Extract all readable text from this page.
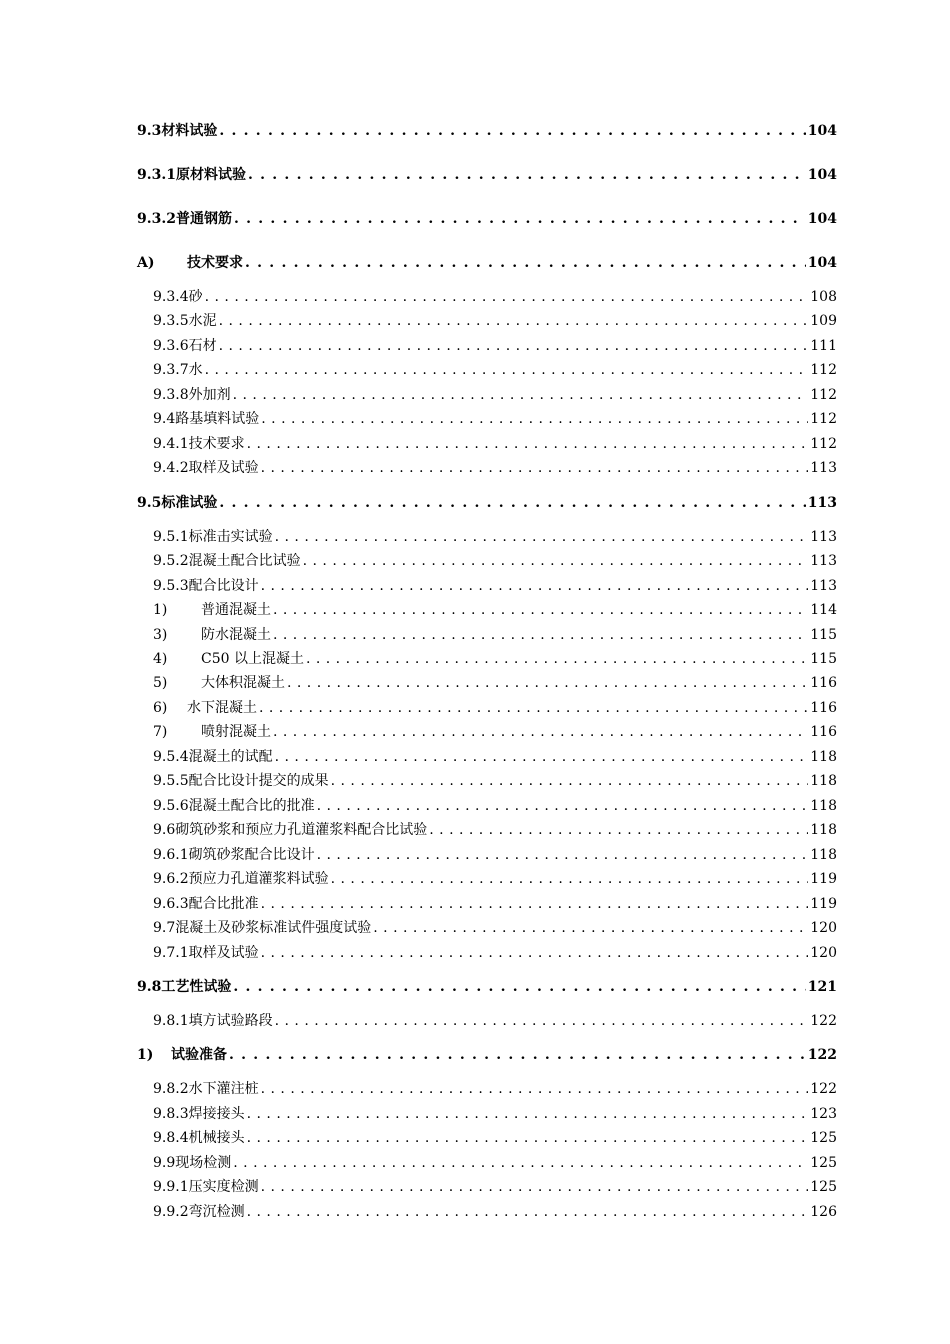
9.3 材料试验 . . .	104
9.3.1 原材料试验 . . .	104
9.3.2 普通钢筋 . . .	104
A)	技术要求 . . .	104
9.3.4 砂 . . .	108
9.3.5 水泥 . . .	109
9.3.6 石材 . . .	111
9.3.7 水 . . .	112
9.3.8 外加剂 . . .	112
9.4 路基填料试验 . . .	112
9.4.1 技术要求 . . .	112
9.4.2 取样及试验 . . .	113
9.5 标准试验 . . .	113
9.5.1 标准击实试验 . . .	113
9.5.2 混凝土配合比试验 . . .	113
9.5.3 配合比设计 . . .	113
1)	普通混凝土 . . .	114
3)	防水混凝土 . . .	115
4)	C50 以上混凝土 . . .	115
5)	大体积混凝土 . . .	116
6)	水下混凝土 . . .	116
7)	喷射混凝土 . . .	116
9.5.4 混凝土的试配 . . .	118
9.5.5 配合比设计提交的成果 . . .	118
9.5.6 混凝土配合比的批准 . . .	118
9.6 砌筑砂浆和预应力孔道灌浆料配合比试验 . . .	118
9.6.1 砌筑砂浆配合比设计 . . .	118
9.6.2 预应力孔道灌浆料试验 . . .	119
9.6.3 配合比批准 . . .	119
9.7 混凝土及砂浆标准试件强度试验 . . .	120
9.7.1 取样及试验 . . .	120
9.8 工艺性试验 . . .	121
9.8.1 填方试验路段 . . .	122
1)	试验准备 . . .	122
9.8.2 水下灌注桩 . . .	122
9.8.3 焊接接头 . . .	123
9.8.4 机械接头 . . .	125
9.9 现场检测 . . .	125
9.9.1 压实度检测 . . .	125
9.9.2 弯沉检测 . . .	126
